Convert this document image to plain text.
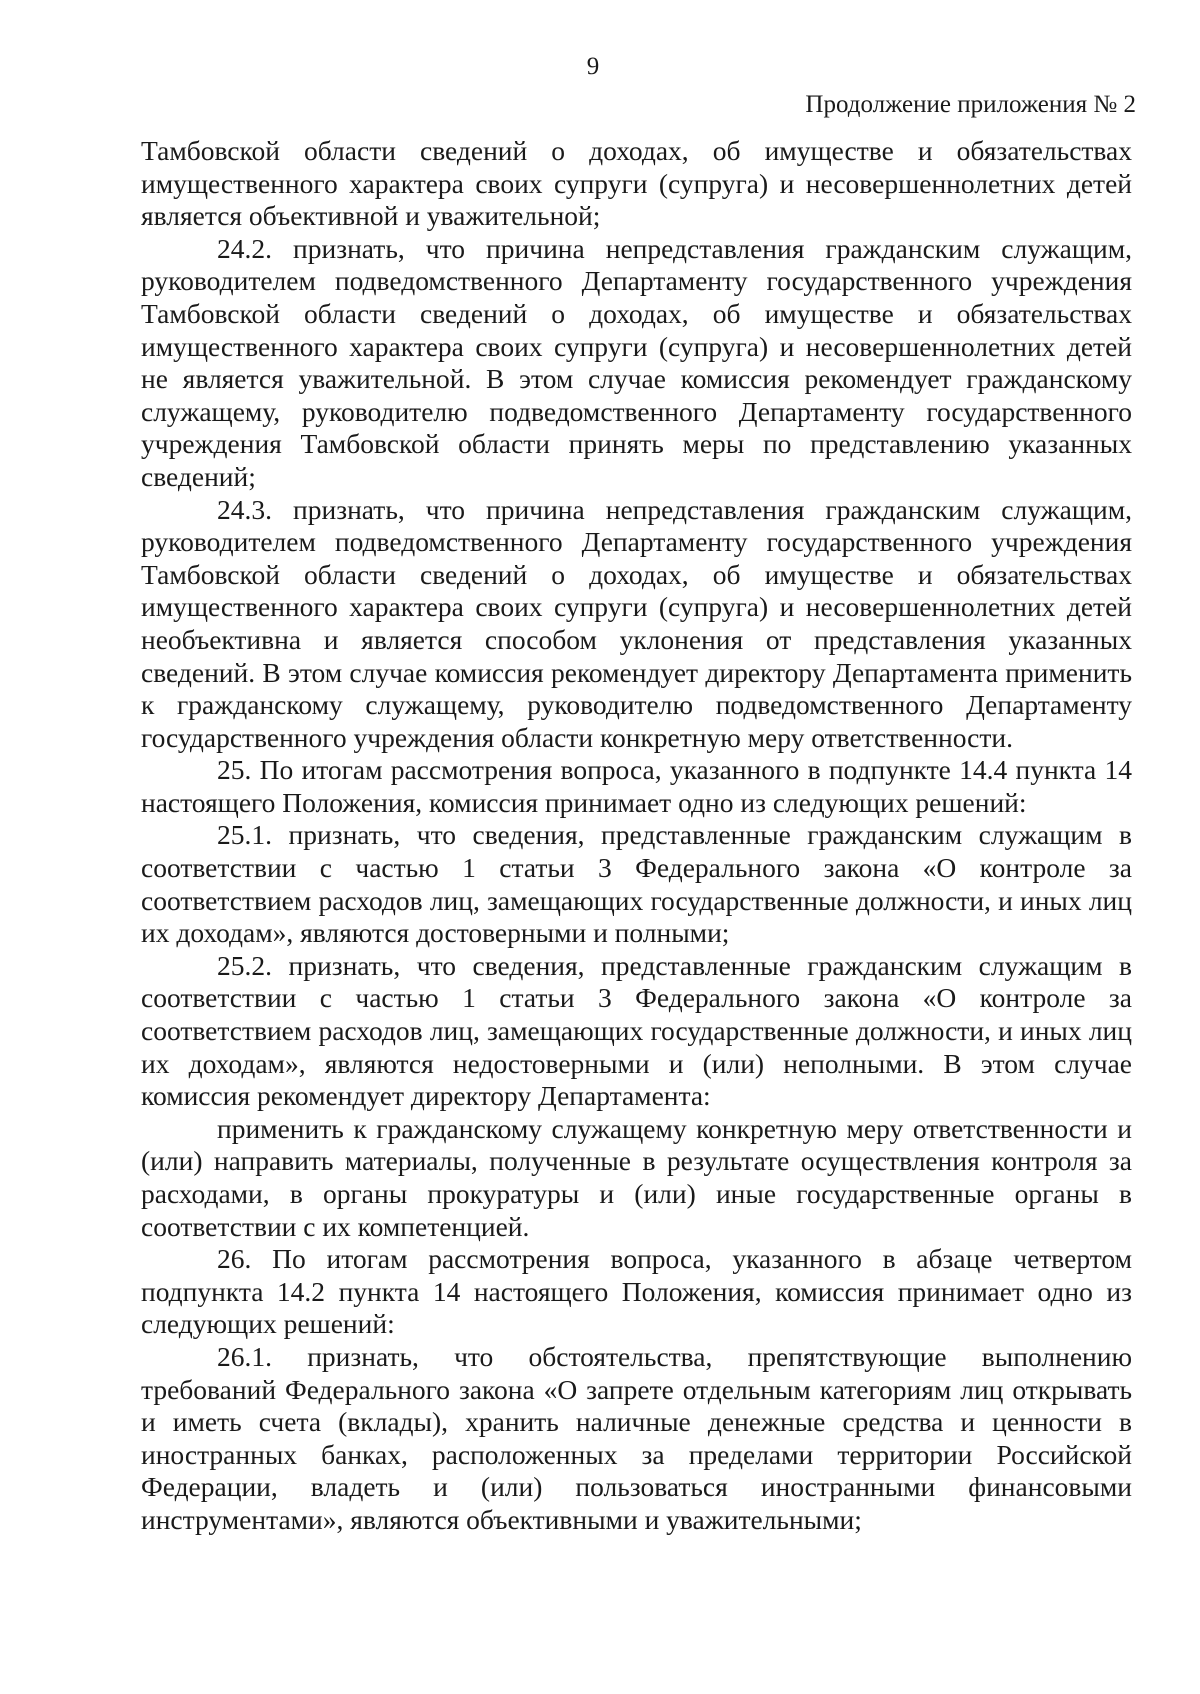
9
Продолжение приложения № 2

Тамбовской области сведений о доходах, об имуществе и обязательствах имущественного характера своих супруги (супруга) и несовершеннолетних детей является объективной и уважительной;

24.2. признать, что причина непредставления гражданским служащим, руководителем подведомственного Департаменту государственного учреждения Тамбовской области сведений о доходах, об имуществе и обязательствах имущественного характера своих супруги (супруга) и несовершеннолетних детей не является уважительной. В этом случае комиссия рекомендует гражданскому служащему, руководителю подведомственного Департаменту государственного учреждения Тамбовской области принять меры по представлению указанных сведений;

24.3. признать, что причина непредставления гражданским служащим, руководителем подведомственного Департаменту государственного учреждения Тамбовской области сведений о доходах, об имуществе и обязательствах имущественного характера своих супруги (супруга) и несовершеннолетних детей необъективна и является способом уклонения от представления указанных сведений. В этом случае комиссия рекомендует директору Департамента применить к гражданскому служащему, руководителю подведомственного Департаменту государственного учреждения области конкретную меру ответственности.

25. По итогам рассмотрения вопроса, указанного в подпункте 14.4 пункта 14 настоящего Положения, комиссия принимает одно из следующих решений:

25.1. признать, что сведения, представленные гражданским служащим в соответствии с частью 1 статьи 3 Федерального закона «О контроле за соответствием расходов лиц, замещающих государственные должности, и иных лиц их доходам», являются достоверными и полными;

25.2. признать, что сведения, представленные гражданским служащим в соответствии с частью 1 статьи 3 Федерального закона «О контроле за соответствием расходов лиц, замещающих государственные должности, и иных лиц их доходам», являются недостоверными и (или) неполными. В этом случае комиссия рекомендует директору Департамента:

применить к гражданскому служащему конкретную меру ответственности и (или) направить материалы, полученные в результате осуществления контроля за расходами, в органы прокуратуры и (или) иные государственные органы в соответствии с их компетенцией.

26. По итогам рассмотрения вопроса, указанного в абзаце четвертом подпункта 14.2 пункта 14 настоящего Положения, комиссия принимает одно из следующих решений:

26.1. признать, что обстоятельства, препятствующие выполнению требований Федерального закона «О запрете отдельным категориям лиц открывать и иметь счета (вклады), хранить наличные денежные средства и ценности в иностранных банках, расположенных за пределами территории Российской Федерации, владеть и (или) пользоваться иностранными финансовыми инструментами», являются объективными и уважительными;
